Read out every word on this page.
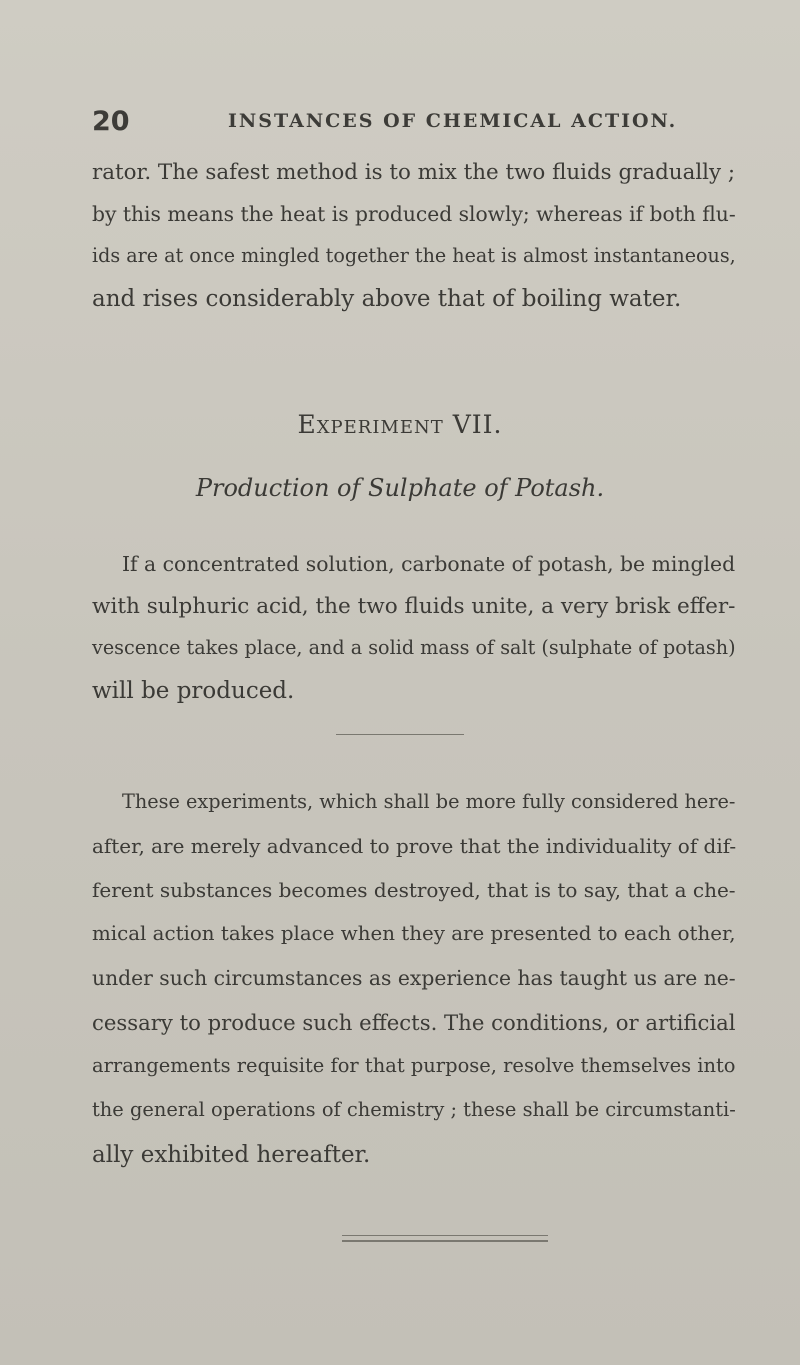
20	INSTANCES OF CHEMICAL ACTION.
rator. The safest method is to mix the two fluids gradually ;
by this means the heat is produced slowly; whereas if both flu-
ids are at once mingled together the heat is almost instantaneous,
and rises considerably above that of boiling water.
Experiment VII.
Production of Sulphate of Potash.
If a concentrated solution, carbonate of potash, be mingled
with sulphuric acid, the two fluids unite, a very brisk effer-
vescence takes place, and a solid mass of salt (sulphate of potash)
will be produced.
These experiments, which shall be more fully considered here-
after, are merely advanced to prove that the individuality of dif-
ferent substances becomes destroyed, that is to say, that a che-
mical action takes place when they are presented to each other,
under such circumstances as experience has taught us are ne-
cessary to produce such effects. The conditions, or artificial
arrangements requisite for that purpose, resolve themselves into
the general operations of chemistry ; these shall be circumstanti-
ally exhibited hereafter.
